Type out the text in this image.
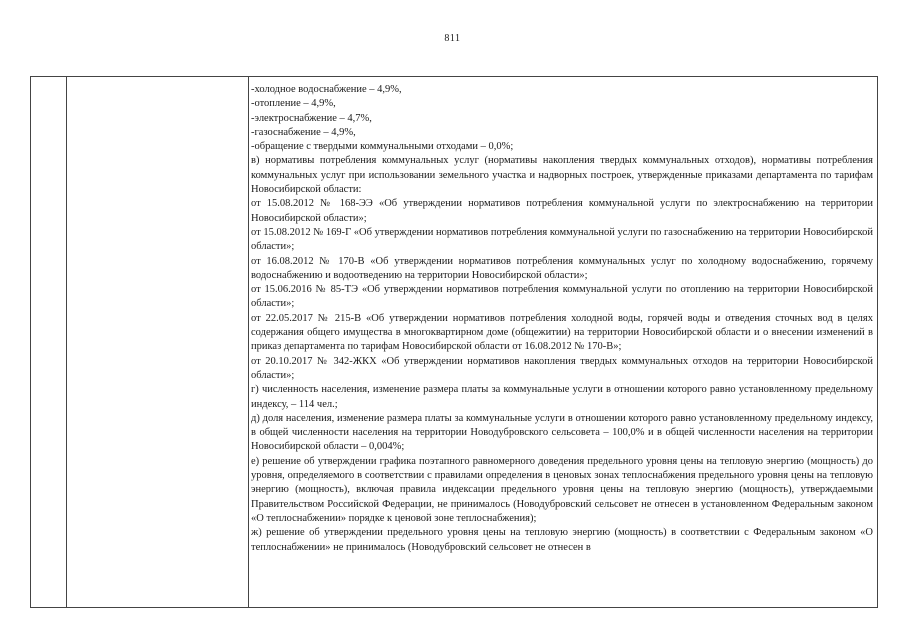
811

-холодное водоснабжение – 4,9%,

-отопление – 4,9%,

-электроснабжение – 4,7%,

-газоснабжение – 4,9%,

-обращение с твердыми коммунальными отходами – 0,0%;

в) нормативы потребления коммунальных услуг (нормативы накопления твердых коммунальных отходов), нормативы потребления коммунальных услуг при использовании земельного участка и надворных построек, утвержденные приказами департамента по тарифам Новосибирской области:

от 15.08.2012 № 168-ЭЭ «Об утверждении нормативов потребления коммунальной услуги по электроснабжению на территории Новосибирской области»;

от 15.08.2012 № 169-Г «Об утверждении нормативов потребления коммунальной услуги по газоснабжению на территории Новосибирской области»;

от 16.08.2012 № 170-В «Об утверждении нормативов потребления коммунальных услуг по холодному водоснабжению, горячему водоснабжению и водоотведению на территории Новосибирской области»;

от 15.06.2016 № 85-ТЭ «Об утверждении нормативов потребления коммунальной услуги по отоплению на территории Новосибирской области»;

от 22.05.2017 № 215-В «Об утверждении нормативов потребления холодной воды, горячей воды и отведения сточных вод в целях содержания общего имущества в многоквартирном доме (общежитии) на территории Новосибирской области и о внесении изменений в приказ департамента по тарифам Новосибирской области от 16.08.2012 № 170-В»;

от 20.10.2017 № 342-ЖКХ «Об утверждении нормативов накопления твердых коммунальных отходов на территории Новосибирской области»;

г) численность населения, изменение размера платы за коммунальные услуги в отношении которого равно установленному предельному индексу, – 114 чел.;

д) доля населения, изменение размера платы за коммунальные услуги в отношении которого равно установленному предельному индексу, в общей численности населения на территории Новодубровского сельсовета – 100,0% и в общей численности населения на территории Новосибирской области – 0,004%;

е) решение об утверждении графика поэтапного равномерного доведения предельного уровня цены на тепловую энергию (мощность) до уровня, определяемого в соответствии с правилами определения в ценовых зонах теплоснабжения предельного уровня цены на тепловую энергию (мощность), включая правила индексации предельного уровня цены на тепловую энергию (мощность), утверждаемыми Правительством Российской Федерации, не принималось (Новодубровский сельсовет не отнесен в установленном Федеральным законом «О теплоснабжении» порядке к ценовой зоне теплоснабжения);

ж) решение об утверждении предельного уровня цены на тепловую энергию (мощность) в соответствии с Федеральным законом «О теплоснабжении» не принималось (Новодубровский сельсовет не отнесен в
